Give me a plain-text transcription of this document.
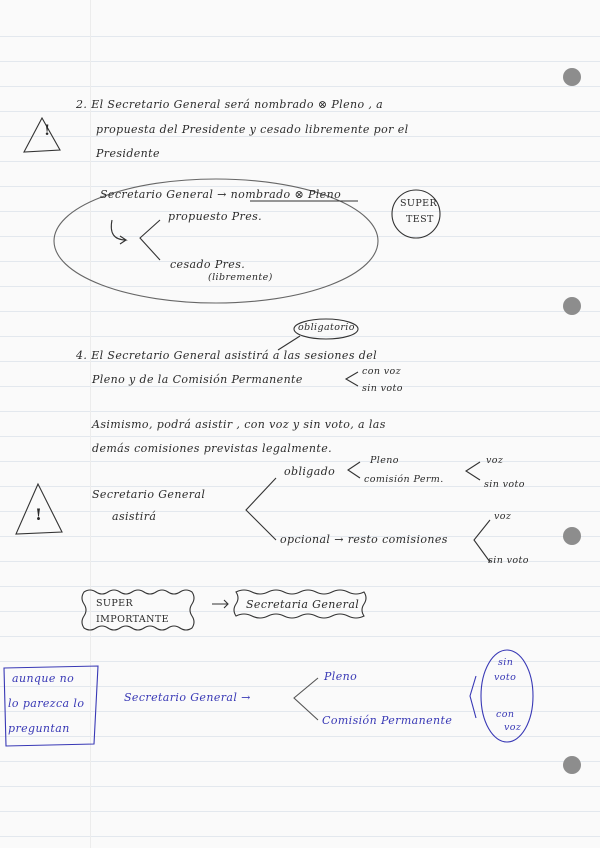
!
!
2. El Secretario General será nombrado ⊗ Pleno , a
propuesta del Presidente y cesado libremente por el
Presidente
Secretario General → nombrado ⊗ Pleno
propuesto Pres.
cesado Pres.
(libremente)
SUPER
TEST
obligatorio
4. El Secretario General asistirá a las sesiones del
Pleno y de la Comisión Permanente
con voz
sin voto
Asimismo, podrá asistir , con voz y sin voto, a las
demás comisiones previstas legalmente.
Secretario General
asistirá
obligado
Pleno
comisión Perm.
voz
sin voto
opcional → resto comisiones
voz
sin voto
SUPER
IMPORTANTE
Secretaria General
aunque no
lo parezca lo
preguntan
Secretario General →
Pleno
Comisión Permanente
sin
voto
con
voz
